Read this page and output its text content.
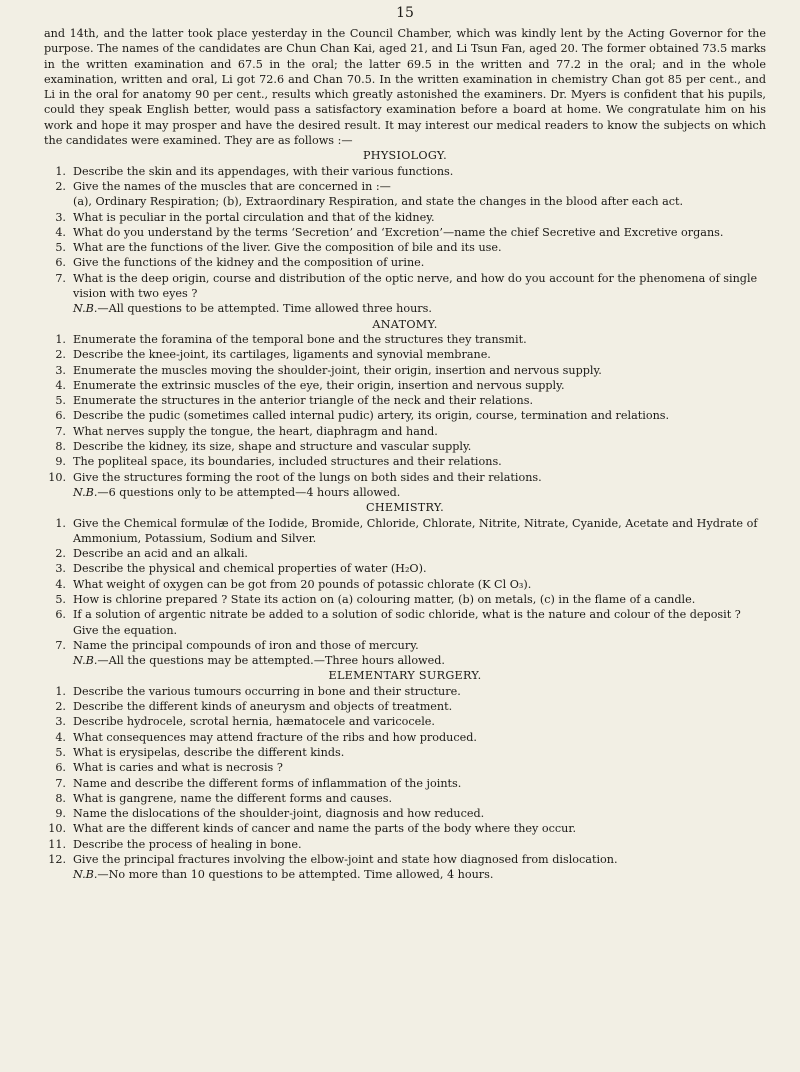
15

and 14th, and the latter took place yesterday in the Council Chamber, which was kindly lent by the Acting Governor for the purpose. The names of the candidates are Chun Chan Kai, aged 21, and Li Tsun Fan, aged 20. The former obtained 73.5 marks in the written examination and 67.5 in the oral; the latter 69.5 in the written and 77.2 in the oral; and in the whole examination, written and oral, Li got 72.6 and Chan 70.5. In the written examination in chemistry Chan got 85 per cent., and Li in the oral for anatomy 90 per cent., results which greatly astonished the examiners. Dr. Myers is confident that his pupils, could they speak English better, would pass a satisfactory examination before a board at home. We congratulate him on his work and hope it may prosper and have the desired result. It may interest our medical readers to know the subjects on which the candidates were examined. They are as follows :—

PHYSIOLOGY.
1. Describe the skin and its appendages, with their various functions.
2. Give the names of the muscles that are concerned in :—
(a), Ordinary Respiration; (b), Extraordinary Respiration, and state the changes in the blood after each act.
3. What is peculiar in the portal circulation and that of the kidney.
4. What do you understand by the terms ‘Secretion’ and ‘Excretion’—name the chief Secretive and Excretive organs.
5. What are the functions of the liver. Give the composition of bile and its use.
6. Give the functions of the kidney and the composition of urine.
7. What is the deep origin, course and distribution of the optic nerve, and how do you account for the phenomena of single vision with two eyes ?
N.B.—All questions to be attempted. Time allowed three hours.
ANATOMY.
1. Enumerate the foramina of the temporal bone and the structures they transmit.
2. Describe the knee-joint, its cartilages, ligaments and synovial membrane.
3. Enumerate the muscles moving the shoulder-joint, their origin, insertion and nervous supply.
4. Enumerate the extrinsic muscles of the eye, their origin, insertion and nervous supply.
5. Enumerate the structures in the anterior triangle of the neck and their relations.
6. Describe the pudic (sometimes called internal pudic) artery, its origin, course, termination and relations.
7. What nerves supply the tongue, the heart, diaphragm and hand.
8. Describe the kidney, its size, shape and structure and vascular supply.
9. The popliteal space, its boundaries, included structures and their relations.
10. Give the structures forming the root of the lungs on both sides and their relations.
N.B.—6 questions only to be attempted—4 hours allowed.
CHEMISTRY.
1. Give the Chemical formulæ of the Iodide, Bromide, Chloride, Chlorate, Nitrite, Nitrate, Cyanide, Acetate and Hydrate of Ammonium, Potassium, Sodium and Silver.
2. Describe an acid and an alkali.
3. Describe the physical and chemical properties of water (H₂O).
4. What weight of oxygen can be got from 20 pounds of potassic chlorate (K Cl O₃).
5. How is chlorine prepared ? State its action on (a) colouring matter, (b) on metals, (c) in the flame of a candle.
6. If a solution of argentic nitrate be added to a solution of sodic chloride, what is the nature and colour of the deposit ? Give the equation.
7. Name the principal compounds of iron and those of mercury.
N.B.—All the questions may be attempted.—Three hours allowed.
ELEMENTARY SURGERY.
1. Describe the various tumours occurring in bone and their structure.
2. Describe the different kinds of aneurysm and objects of treatment.
3. Describe hydrocele, scrotal hernia, hæmatocele and varicocele.
4. What consequences may attend fracture of the ribs and how produced.
5. What is erysipelas, describe the different kinds.
6. What is caries and what is necrosis ?
7. Name and describe the different forms of inflammation of the joints.
8. What is gangrene, name the different forms and causes.
9. Name the dislocations of the shoulder-joint, diagnosis and how reduced.
10. What are the different kinds of cancer and name the parts of the body where they occur.
11. Describe the process of healing in bone.
12. Give the principal fractures involving the elbow-joint and state how diagnosed from dislocation.
N.B.—No more than 10 questions to be attempted. Time allowed, 4 hours.
